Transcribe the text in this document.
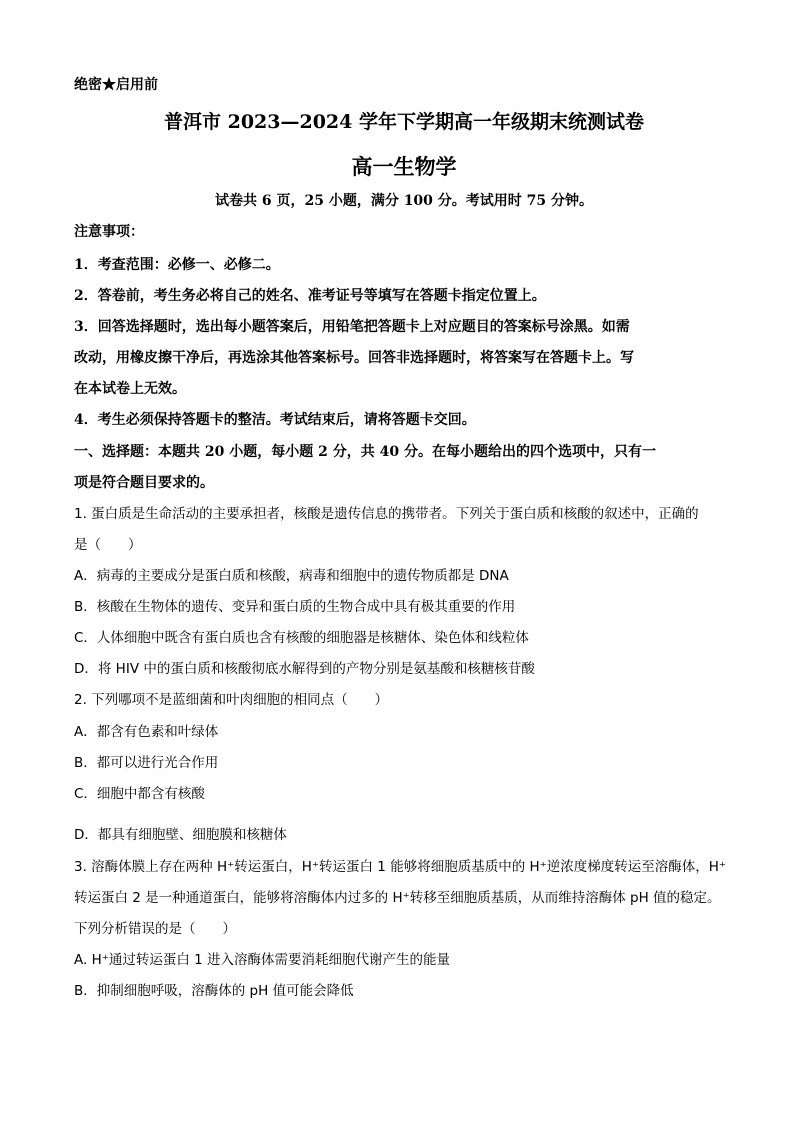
绝密★启用前
普洱市 2023—2024 学年下学期高一年级期末统测试卷
高一生物学
试卷共 6 页，25 小题，满分 100 分。考试用时 75 分钟。
注意事项：
1．考查范围：必修一、必修二。
2．答卷前，考生务必将自己的姓名、准考证号等填写在答题卡指定位置上。
3．回答选择题时，选出每小题答案后，用铅笔把答题卡上对应题目的答案标号涂黑。如需
改动，用橡皮擦干净后，再选涂其他答案标号。回答非选择题时，将答案写在答题卡上。写
在本试卷上无效。
4．考生必须保持答题卡的整洁。考试结束后，请将答题卡交回。
一、选择题：本题共 20 小题，每小题 2 分，共 40 分。在每小题给出的四个选项中，只有一
项是符合题目要求的。
1. 蛋白质是生命活动的主要承担者，核酸是遗传信息的携带者。下列关于蛋白质和核酸的叙述中，正确的
是（　　）
A．病毒的主要成分是蛋白质和核酸，病毒和细胞中的遗传物质都是 DNA
B．核酸在生物体的遗传、变异和蛋白质的生物合成中具有极其重要的作用
C．人体细胞中既含有蛋白质也含有核酸的细胞器是核糖体、染色体和线粒体
D．将 HIV 中的蛋白质和核酸彻底水解得到的产物分别是氨基酸和核糖核苷酸
2. 下列哪项不是蓝细菌和叶肉细胞的相同点（　　）
A．都含有色素和叶绿体
B．都可以进行光合作用
C．细胞中都含有核酸
D．都具有细胞壁、细胞膜和核糖体
3. 溶酶体膜上存在两种 H⁺转运蛋白，H⁺转运蛋白 1 能够将细胞质基质中的 H⁺逆浓度梯度转运至溶酶体，H⁺
转运蛋白 2 是一种通道蛋白，能够将溶酶体内过多的 H⁺转移至细胞质基质，从而维持溶酶体 pH 值的稳定。
下列分析错误的是（　　）
A. H⁺通过转运蛋白 1 进入溶酶体需要消耗细胞代谢产生的能量
B．抑制细胞呼吸，溶酶体的 pH 值可能会降低
